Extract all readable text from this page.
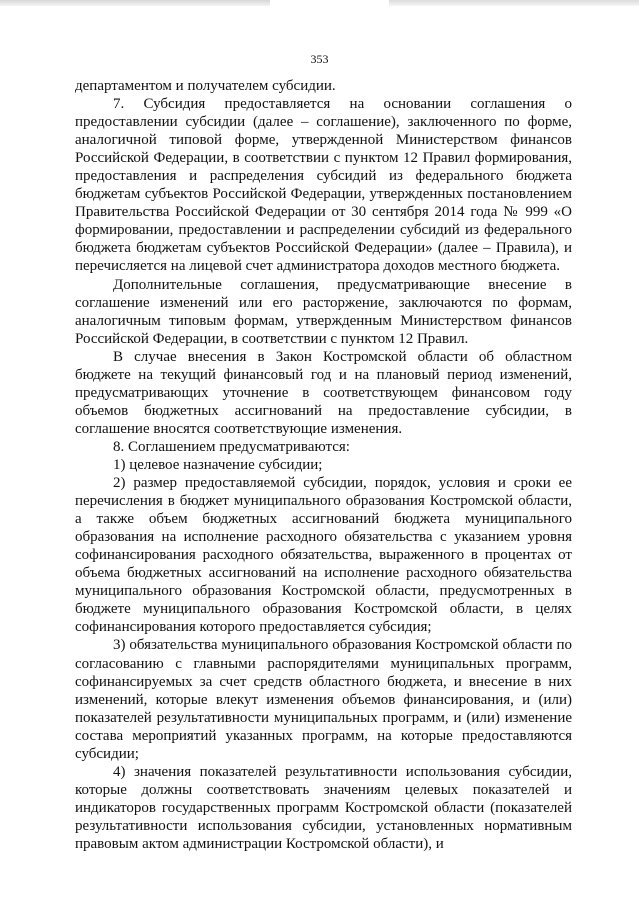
353

департаментом и получателем субсидии.

7. Субсидия предоставляется на основании соглашения о предоставлении субсидии (далее – соглашение), заключенного по форме, аналогичной типовой форме, утвержденной Министерством финансов Российской Федерации, в соответствии с пунктом 12 Правил формирования, предоставления и распределения субсидий из федерального бюджета бюджетам субъектов Российской Федерации, утвержденных постановлением Правительства Российской Федерации от 30 сентября 2014 года № 999 «О формировании, предоставлении и распределении субсидий из федерального бюджета бюджетам субъектов Российской Федерации» (далее – Правила), и перечисляется на лицевой счет администратора доходов местного бюджета.

Дополнительные соглашения, предусматривающие внесение в соглашение изменений или его расторжение, заключаются по формам, аналогичным типовым формам, утвержденным Министерством финансов Российской Федерации, в соответствии с пунктом 12 Правил.

В случае внесения в Закон Костромской области об областном бюджете на текущий финансовый год и на плановый период изменений, предусматривающих уточнение в соответствующем финансовом году объемов бюджетных ассигнований на предоставление субсидии, в соглашение вносятся соответствующие изменения.

8. Соглашением предусматриваются:

1) целевое назначение субсидии;

2) размер предоставляемой субсидии, порядок, условия и сроки ее перечисления в бюджет муниципального образования Костромской области, а также объем бюджетных ассигнований бюджета муниципального образования на исполнение расходного обязательства с указанием уровня софинансирования расходного обязательства, выраженного в процентах от объема бюджетных ассигнований на исполнение расходного обязательства муниципального образования Костромской области, предусмотренных в бюджете муниципального образования Костромской области, в целях софинансирования которого предоставляется субсидия;

3) обязательства муниципального образования Костромской области по согласованию с главными распорядителями муниципальных программ, софинансируемых за счет средств областного бюджета, и внесение в них изменений, которые влекут изменения объемов финансирования, и (или) показателей результативности муниципальных программ, и (или) изменение состава мероприятий указанных программ, на которые предоставляются субсидии;

4) значения показателей результативности использования субсидии, которые должны соответствовать значениям целевых показателей и индикаторов государственных программ Костромской области (показателей результативности использования субсидии, установленных нормативным правовым актом администрации Костромской области), и
